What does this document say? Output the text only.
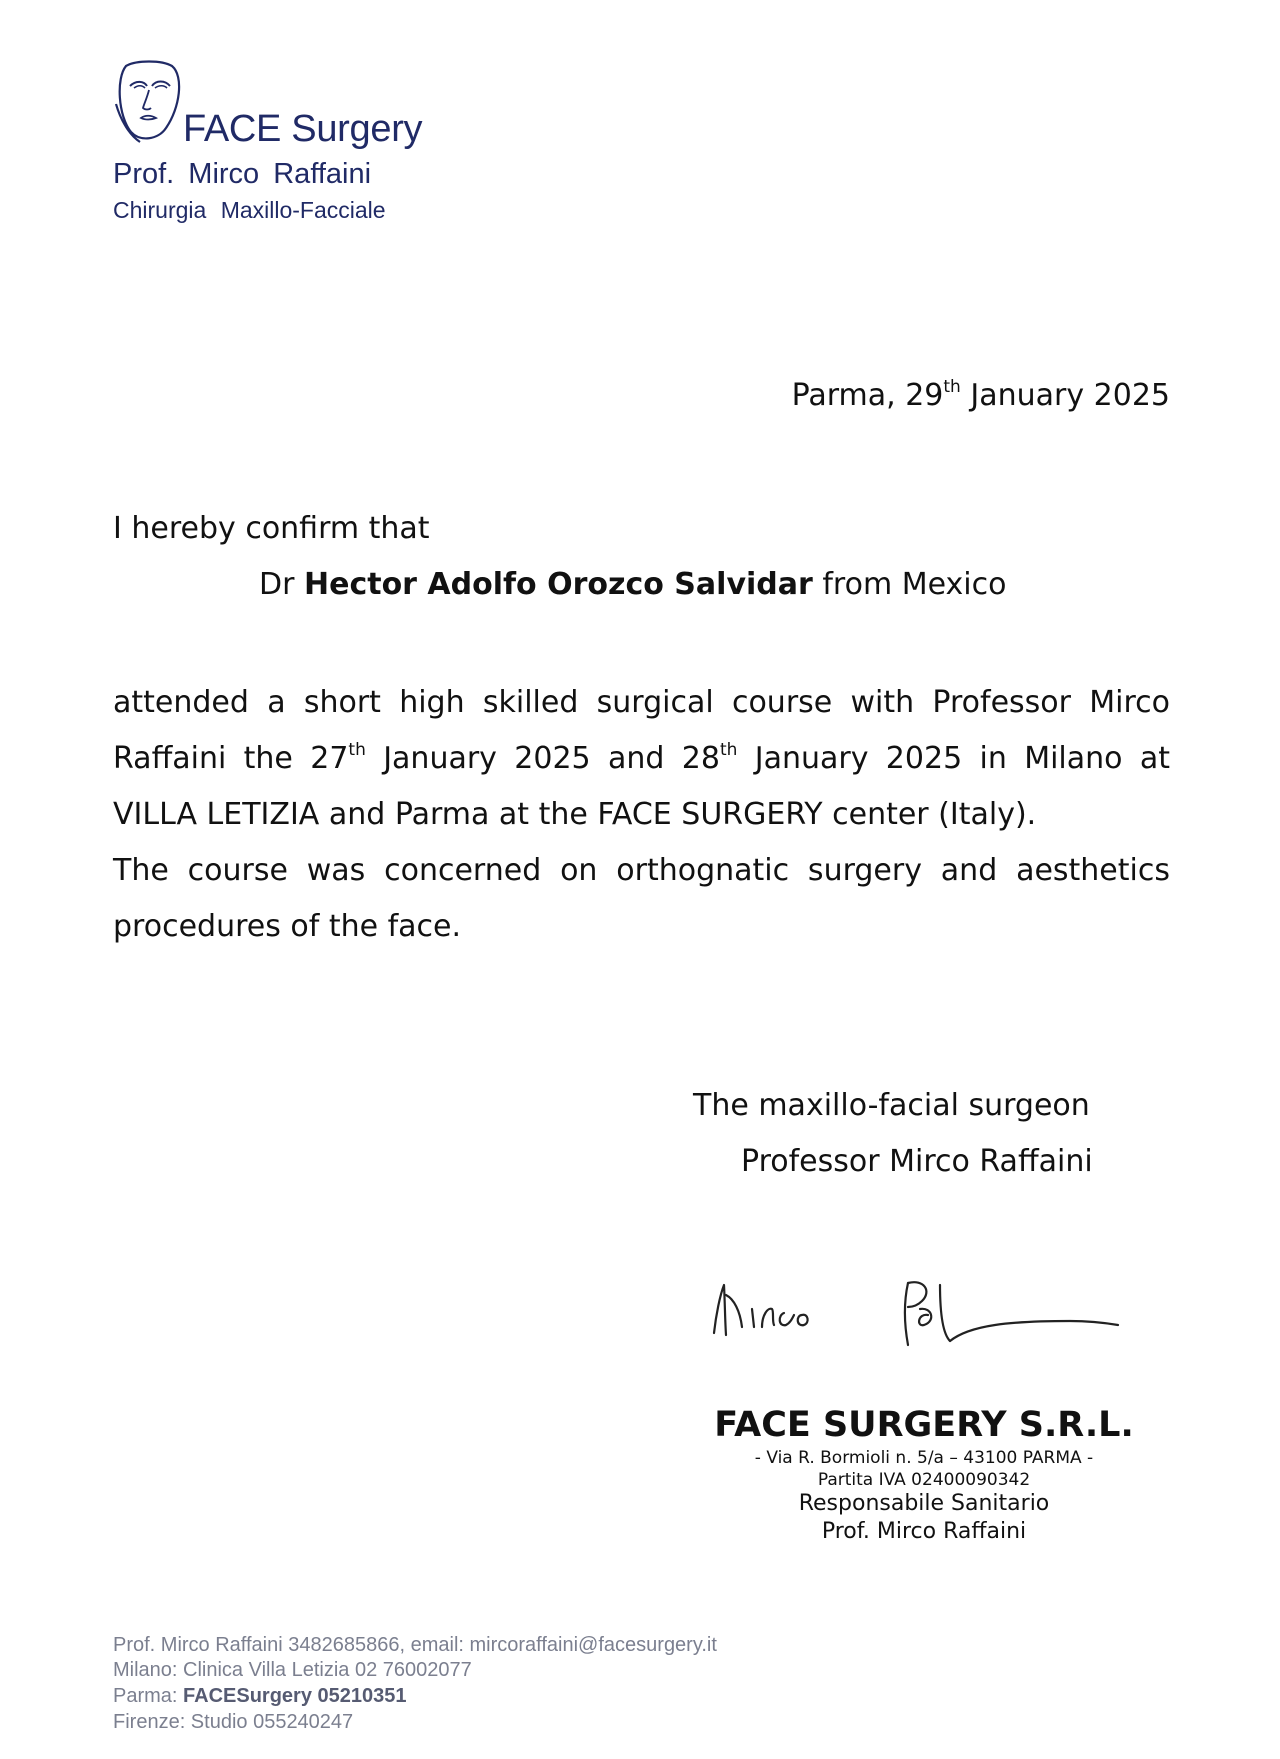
FACE Surgery
Prof. Mirco Raffaini
Chirurgia Maxillo-Facciale
Parma, 29th January 2025
I hereby confirm that
Dr Hector Adolfo Orozco Salvidar from Mexico

attended a short high skilled surgical course with Professor Mirco Raffaini the 27th January 2025 and 28th January 2025 in Milano at VILLA LETIZIA and Parma at the FACE SURGERY center (Italy).

The course was concerned on orthognatic surgery and aesthetics procedures of the face.

The maxillo-facial surgeon
Professor Mirco Raffaini
FACE SURGERY S.R.L.
- Via R. Bormioli n. 5/a – 43100 PARMA -
Partita IVA 02400090342
Responsabile Sanitario
Prof. Mirco Raffaini
Prof. Mirco Raffaini 3482685866, email: mircoraffaini@facesurgery.it
Milano: Clinica Villa Letizia 02 76002077
Parma: FACESurgery 05210351
Firenze: Studio 055240247
